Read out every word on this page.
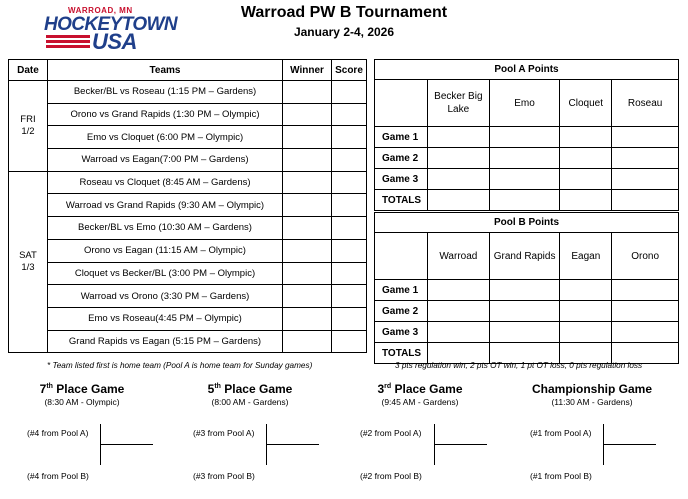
WARROAD, MN
HOCKEYTOWN
USA
Warroad PW B Tournament
January 2-4, 2026
Date	Teams	Winner	Score

FRI
1/2	Becker/BL vs Roseau (1:15 PM – Gardens)		
	Orono vs Grand Rapids (1:30 PM – Olympic)		
	Emo vs Cloquet (6:00 PM – Olympic)		
	Warroad vs Eagan(7:00 PM – Gardens)		

SAT
1/3	Roseau vs Cloquet (8:45 AM – Gardens)		
	Warroad vs Grand Rapids (9:30 AM – Olympic)		
	Becker/BL vs Emo (10:30 AM – Gardens)		
	Orono vs Eagan (11:15 AM – Olympic)		
	Cloquet vs Becker/BL (3:00 PM – Olympic)		
	Warroad vs Orono (3:30 PM – Gardens)		
	Emo vs Roseau(4:45 PM – Olympic)		
	Grand Rapids vs Eagan (5:15 PM – Gardens)		
Pool A Points				
	Becker Big Lake	Emo	Cloquet	Roseau
Game 1				
Game 2				
Game 3				
TOTALS				
Pool B Points				
	Warroad	Grand Rapids	Eagan	Orono
Game 1				
Game 2				
Game 3				
TOTALS				
* Team listed first is home team (Pool A is home team for Sunday games)	3 pts regulation win, 2 pts OT win, 1 pt OT loss, 0 pts regulation loss
7th Place Game
(8:30 AM - Olympic)
5th Place Game
(8:00 AM - Gardens)
3rd Place Game
(9:45 AM - Gardens)
Championship Game
(11:30 AM - Gardens)
(#4 from Pool A)
(#4 from Pool B)
(#3 from Pool A)
(#3 from Pool B)
(#2 from Pool A)
(#2 from Pool B)
(#1 from Pool A)
(#1 from Pool B)
